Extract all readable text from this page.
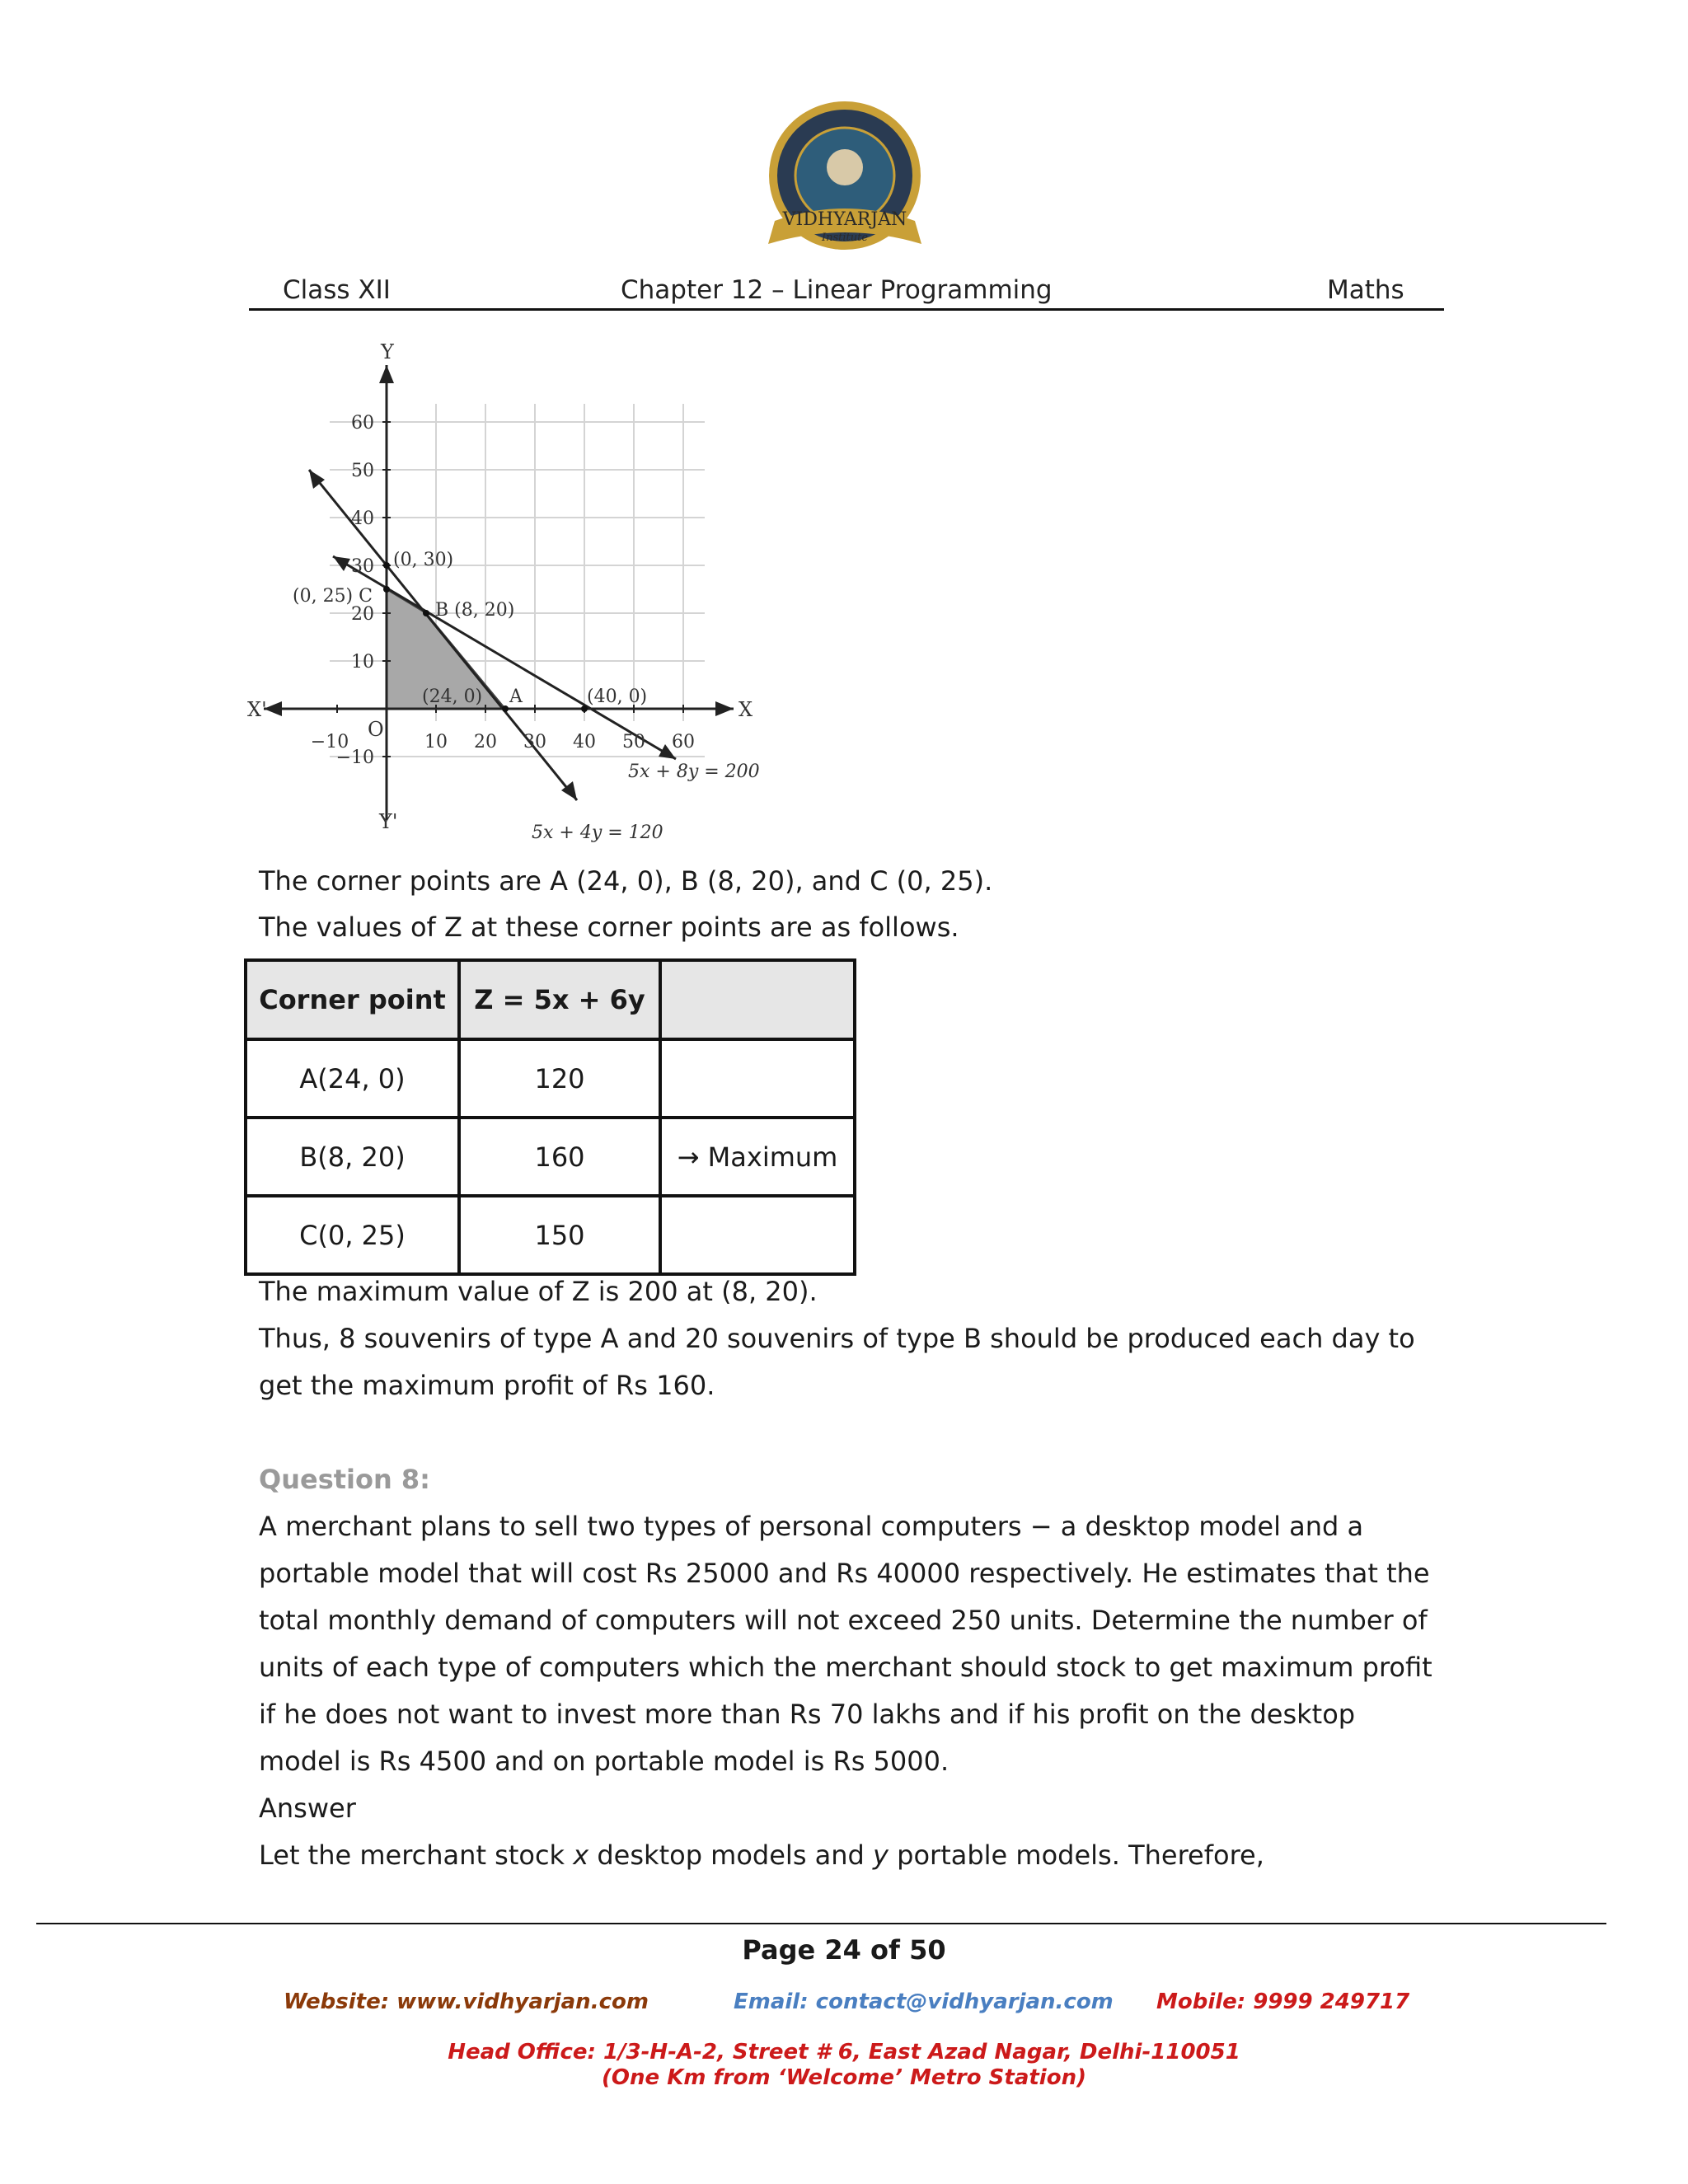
VIDHYARJAN
Institute
Class XII	Chapter 12 – Linear Programming	Maths
−10	10 20 30 40 50 60
60
50
40
30
20
10
−10
Y
Y'
X'	X
O
(0, 30)
(0, 25) C
B (8, 20)
(24, 0) A	(40, 0)
5x + 8y = 200
5x + 4y = 120
The corner points are A (24, 0), B (8, 20), and C (0, 25).
The values of Z at these corner points are as follows.
Corner point	Z = 5x + 6y	
A(24, 0)	120	
B(8, 20)	160	→ Maximum
C(0, 25)	150	
The maximum value of Z is 200 at (8, 20).
Thus, 8 souvenirs of type A and 20 souvenirs of type B should be produced each day to
get the maximum profit of Rs 160.
Question 8:
A merchant plans to sell two types of personal computers − a desktop model and a
portable model that will cost Rs 25000 and Rs 40000 respectively. He estimates that the
total monthly demand of computers will not exceed 250 units. Determine the number of
units of each type of computers which the merchant should stock to get maximum profit
if he does not want to invest more than Rs 70 lakhs and if his profit on the desktop
model is Rs 4500 and on portable model is Rs 5000.
Answer
Let the merchant stock x desktop models and y portable models. Therefore,
Page 24 of 50
Website: www.vidhyarjan.com	Email: contact@vidhyarjan.com Mobile: 9999 249717
Head Office: 1/3-H-A-2, Street # 6, East Azad Nagar, Delhi-110051
(One Km from ‘Welcome’ Metro Station)
